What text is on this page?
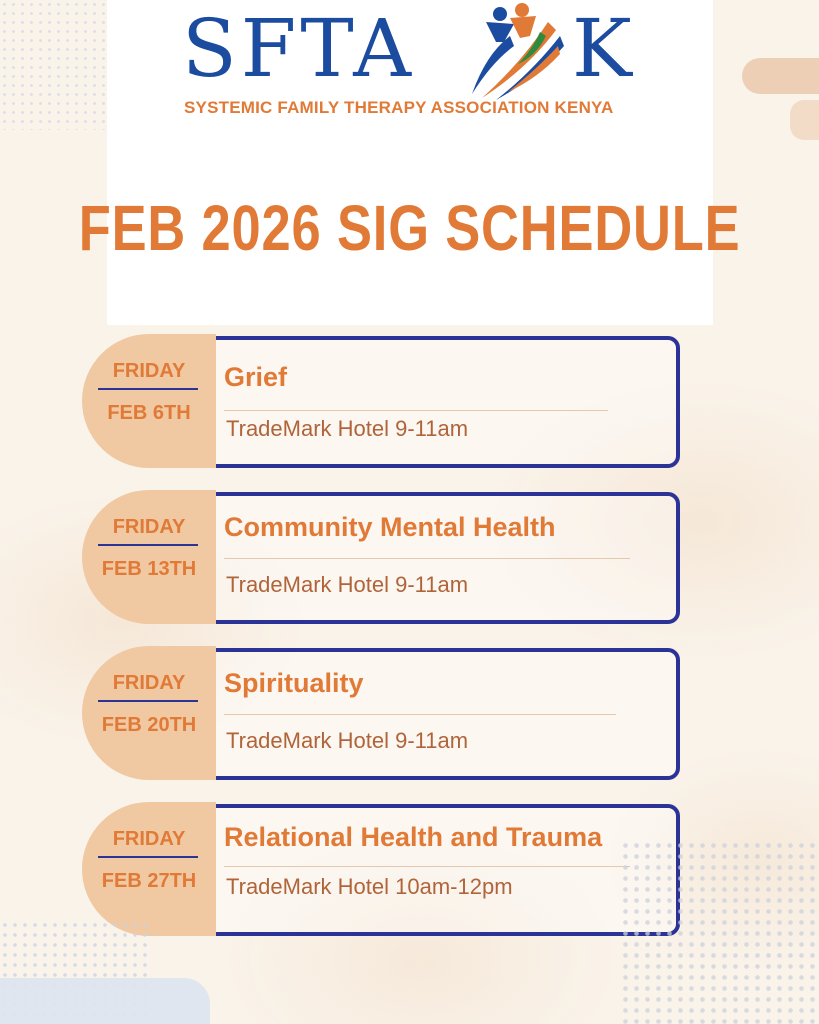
SFTA K
SYSTEMIC FAMILY THERAPY ASSOCIATION KENYA
FEB 2026 SIG SCHEDULE
FRIDAY
FEB 6TH
Grief
TradeMark Hotel 9-11am
FRIDAY
FEB 13TH
Community Mental Health
TradeMark Hotel 9-11am
FRIDAY
FEB 20TH
Spirituality
TradeMark Hotel 9-11am
FRIDAY
FEB 27TH
Relational Health and Trauma
TradeMark Hotel 10am-12pm
